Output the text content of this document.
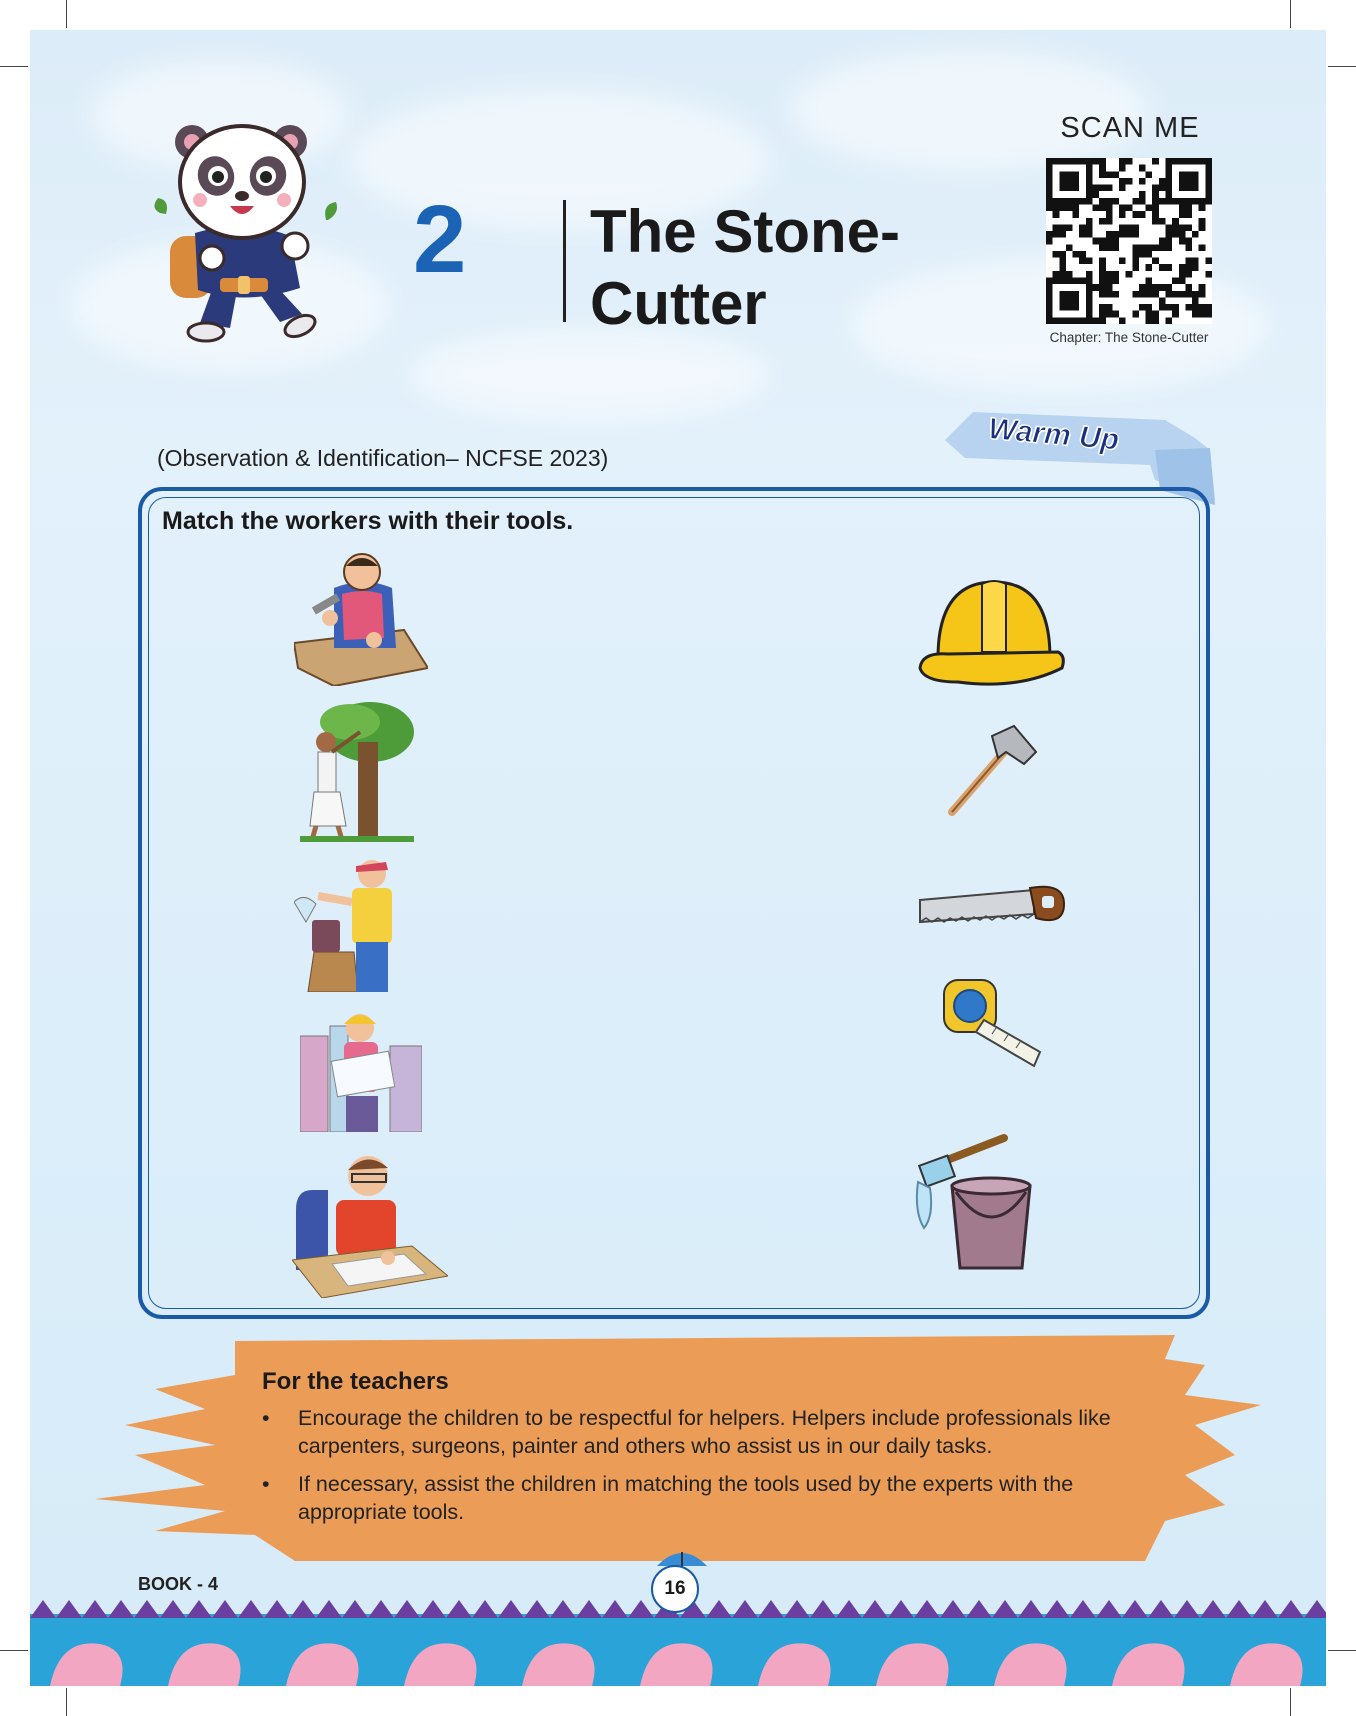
2 The Stone-Cutter
SCAN ME
Chapter: The Stone-Cutter
(Observation & Identification– NCFSE 2023)
Warm Up
Match the workers with their tools.
For the teachers
• Encourage the children to be respectful for helpers. Helpers include professionals like carpenters, surgeons, painter and others who assist us in our daily tasks.
• If necessary, assist the children in matching the tools used by the experts with the appropriate tools.
BOOK - 4	16
